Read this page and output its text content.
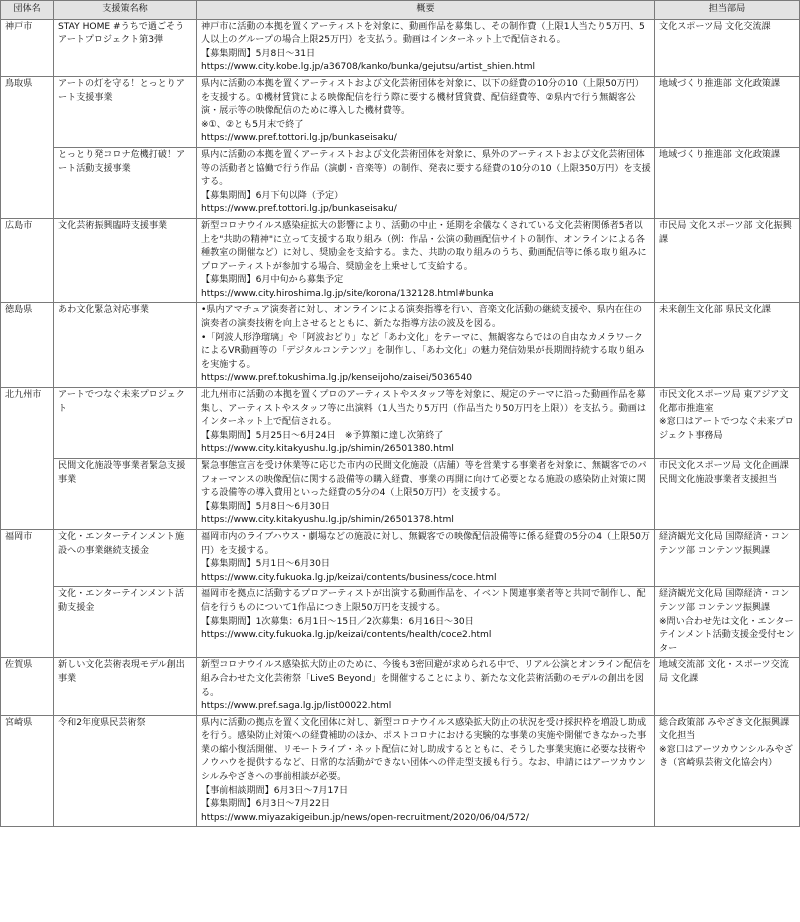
団体名	支援策名称	概要	担当部局
神戸市	STAY HOME #うちで過ごそうアートプロジェクト第3弾	神戸市に活動の本拠を置くアーティストを対象に、動画作品を募集し、その制作費（上限1人当たり5万円、5人以上のグループの場合上限25万円）を支払う。動画はインターネット上で配信される。
【募集期間】5月8日～31日
https://www.city.kobe.lg.jp/a36708/kanko/bunka/gejutsu/artist_shien.html	文化スポーツ局 文化交流課
鳥取県	アートの灯を守る！とっとりアート支援事業	県内に活動の本拠を置くアーティストおよび文化芸術団体を対象に、以下の経費の10分の10（上限50万円）を支援する。①機材賃貸による映像配信を行う際に要する機材賃貸費、配信経費等、②県内で行う無観客公演・展示等の映像配信のために導入した機材費等。
※①、②とも5月末で終了
https://www.pref.tottori.lg.jp/bunkaseisaku/	地域づくり推進部 文化政策課
	とっとり発コロナ危機打破！アート活動支援事業	県内に活動の本拠を置くアーティストおよび文化芸術団体を対象に、県外のアーティストおよび文化芸術団体等の活動者と協働で行う作品（演劇・音楽等）の制作、発表に要する経費の10分の10（上限350万円）を支援する。
【募集期間】6月下旬以降（予定）
https://www.pref.tottori.lg.jp/bunkaseisaku/	地域づくり推進部 文化政策課
広島市	文化芸術振興臨時支援事業	新型コロナウイルス感染症拡大の影響により、活動の中止・延期を余儀なくされている文化芸術関係者5者以上を"共助の精神"に立って支援する取り組み（例：作品・公演の動画配信サイトの制作、オンラインによる各種教室の開催など）に対し、奨励金を支給する。また、共助の取り組みのうち、動画配信等に係る取り組みにプロアーティストが参加する場合、奨励金を上乗せして支給する。
【募集期間】6月中旬から募集予定
https://www.city.hiroshima.lg.jp/site/korona/132128.html#bunka	市民局 文化スポーツ部 文化振興課
徳島県	あわ文化緊急対応事業	•県内アマチュア演奏者に対し、オンラインによる演奏指導を行い、音楽文化活動の継続支援や、県内在住の演奏者の演奏技術を向上させるとともに、新たな指導方法の波及を図る。
•「阿波人形浄瑠璃」や「阿波おどり」など「あわ文化」をテーマに、無観客ならではの自由なカメラワークによるVR動画等の「デジタルコンテンツ」を制作し、「あわ文化」の魅力発信効果が長期間持続する取り組みを実施する。
https://www.pref.tokushima.lg.jp/kenseijoho/zaisei/5036540	未来創生文化部 県民文化課
北九州市	アートでつなぐ未来プロジェクト	北九州市に活動の本拠を置くプロのアーティストやスタッフ等を対象に、規定のテーマに沿った動画作品を募集し、アーティストやスタッフ等に出演料（1人当たり5万円（作品当たり50万円を上限））を支払う。動画はインターネット上で配信される。
【募集期間】5月25日～6月24日　※予算額に達し次第終了
https://www.city.kitakyushu.lg.jp/shimin/26501380.html	市民文化スポーツ局 東アジア文化都市推進室
※窓口はアートでつなぐ未来プロジェクト事務局
	民間文化施設等事業者緊急支援事業	緊急事態宣言を受け休業等に応じた市内の民間文化施設（店舗）等を営業する事業者を対象に、無観客でのパフォーマンスの映像配信に関する設備等の購入経費、事業の再開に向けて必要となる施設の感染防止対策に関する設備等の導入費用といった経費の5分の4（上限50万円）を支援する。
【募集期間】5月8日～6月30日
https://www.city.kitakyushu.lg.jp/shimin/26501378.html	市民文化スポーツ局 文化企画課 民間文化施設事業者支援担当
福岡市	文化・エンターテインメント施設への事業継続支援金	福岡市内のライブハウス・劇場などの施設に対し、無観客での映像配信設備等に係る経費の5分の4（上限50万円）を支援する。
【募集期間】5月1日～6月30日
https://www.city.fukuoka.lg.jp/keizai/contents/business/coce.html	経済観光文化局 国際経済・コンテンツ部 コンテンツ振興課
	文化・エンターテインメント活動支援金	福岡市を拠点に活動するプロアーティストが出演する動画作品を、イベント関連事業者等と共同で制作し、配信を行うものについて1作品につき上限50万円を支援する。
【募集期間】1次募集：6月1日～15日／2次募集：6月16日～30日
https://www.city.fukuoka.lg.jp/keizai/contents/health/coce2.html	経済観光文化局 国際経済・コンテンツ部 コンテンツ振興課
※問い合わせ先は文化・エンターテインメント活動支援金受付センター
佐賀県	新しい文化芸術表現モデル創出事業	新型コロナウイルス感染拡大防止のために、今後も3密回避が求められる中で、リアル公演とオンライン配信を組み合わせた文化芸術祭「LiveS Beyond」を開催することにより、新たな文化芸術活動のモデルの創出を図る。
https://www.pref.saga.lg.jp/list00022.html	地域交流部 文化・スポーツ交流局 文化課
宮崎県	令和2年度県民芸術祭	県内に活動の拠点を置く文化団体に対し、新型コロナウイルス感染拡大防止の状況を受け採択枠を増設し助成を行う。感染防止対策への経費補助のほか、ポストコロナにおける実験的な事業の実施や開催できなかった事業の縮小復活開催、リモートライブ・ネット配信に対し助成するとともに、そうした事業実施に必要な技術やノウハウを提供するなど、日常的な活動ができない団体への伴走型支援も行う。なお、申請にはアーツカウンシルみやざきへの事前相談が必要。
【事前相談期間】6月3日～7月17日
【募集期間】6月3日～7月22日
https://www.miyazakigeibun.jp/news/open-recruitment/2020/06/04/572/	総合政策部 みやざき文化振興課 文化担当
※窓口はアーツカウンシルみやざき（宮崎県芸術文化協会内）
